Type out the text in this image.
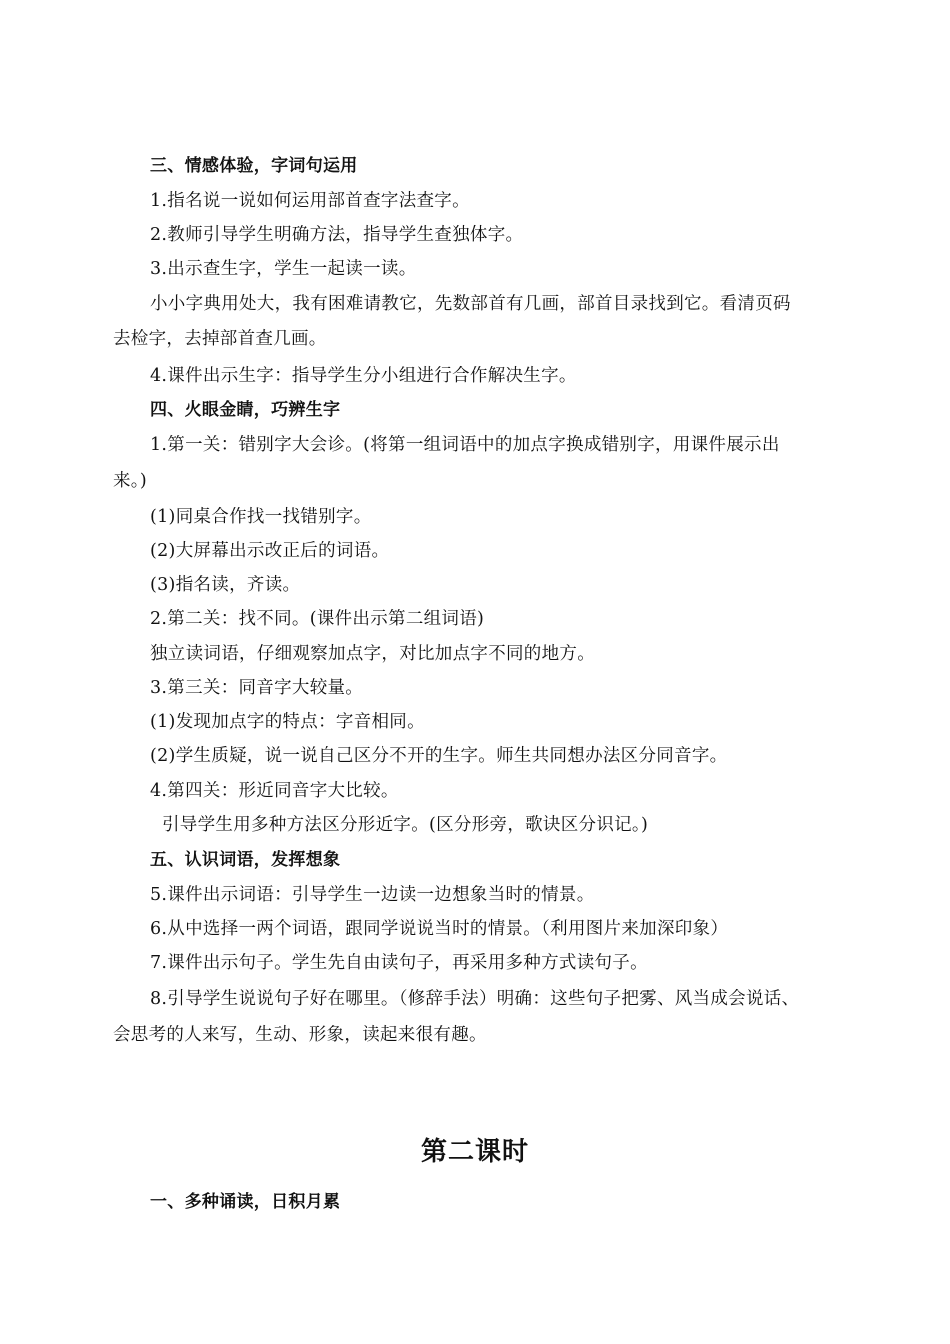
三、情感体验，字词句运用
1.指名说一说如何运用部首查字法查字。
2.教师引导学生明确方法，指导学生查独体字。
3.出示查生字，学生一起读一读。
小小字典用处大，我有困难请教它，先数部首有几画，部首目录找到它。看清页码
去检字，去掉部首查几画。
4.课件出示生字：指导学生分小组进行合作解决生字。
四、火眼金睛，巧辨生字
1.第一关：错别字大会诊。(将第一组词语中的加点字换成错别字，用课件展示出
来。)
(1)同桌合作找一找错别字。
(2)大屏幕出示改正后的词语。
(3)指名读，齐读。
2.第二关：找不同。(课件出示第二组词语)
独立读词语，仔细观察加点字，对比加点字不同的地方。
3.第三关：同音字大较量。
(1)发现加点字的特点：字音相同。
(2)学生质疑，说一说自己区分不开的生字。师生共同想办法区分同音字。
4.第四关：形近同音字大比较。
引导学生用多种方法区分形近字。(区分形旁，歌诀区分识记。)
五、认识词语，发挥想象
5.课件出示词语：引导学生一边读一边想象当时的情景。
6.从中选择一两个词语，跟同学说说当时的情景。（利用图片来加深印象）
7.课件出示句子。学生先自由读句子，再采用多种方式读句子。
8.引导学生说说句子好在哪里。（修辞手法）明确：这些句子把雾、风当成会说话、
会思考的人来写，生动、形象，读起来很有趣。
第二课时
一、多种诵读，日积月累
